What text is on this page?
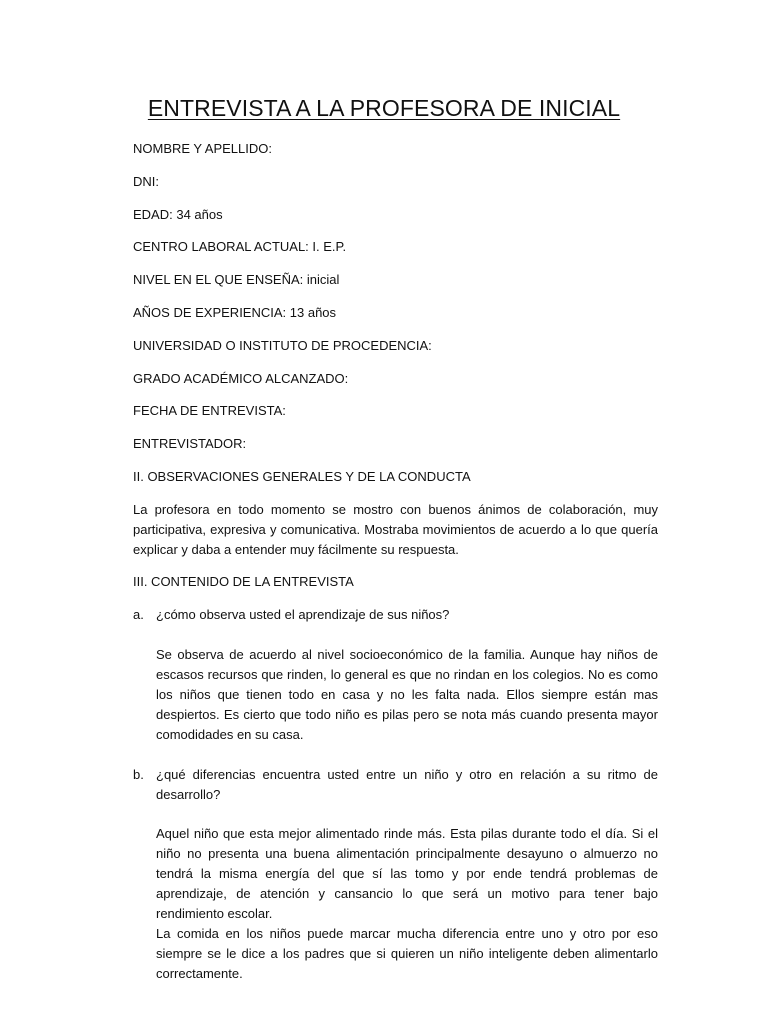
ENTREVISTA A LA PROFESORA DE INICIAL
NOMBRE Y APELLIDO:
DNI:
EDAD: 34 años
CENTRO LABORAL ACTUAL: I. E.P.
NIVEL EN EL QUE ENSEÑA: inicial
AÑOS DE EXPERIENCIA: 13 años
UNIVERSIDAD O INSTITUTO DE PROCEDENCIA:
GRADO ACADÉMICO ALCANZADO:
FECHA DE ENTREVISTA:
ENTREVISTADOR:
II. OBSERVACIONES GENERALES Y DE LA CONDUCTA
La profesora en todo momento se mostro con buenos ánimos de colaboración, muy participativa, expresiva y comunicativa. Mostraba movimientos de acuerdo a lo que quería explicar y daba a entender muy fácilmente su respuesta.
III. CONTENIDO DE LA ENTREVISTA
a. ¿cómo observa usted el aprendizaje de sus niños?

Se observa de acuerdo al nivel socioeconómico de la familia. Aunque hay niños de escasos recursos que rinden, lo general es que no rindan en los colegios. No es como los niños que tienen todo en casa y no les falta nada. Ellos siempre están mas despiertos. Es cierto que todo niño es pilas pero se nota más cuando presenta mayor comodidades en su casa.

b. ¿qué diferencias encuentra usted entre un niño y otro en relación a su ritmo de desarrollo?

Aquel niño que esta mejor alimentado rinde más. Esta pilas durante todo el día. Si el niño no presenta una buena alimentación principalmente desayuno o almuerzo no tendrá la misma energía del que sí las tomo y por ende tendrá problemas de aprendizaje, de atención y cansancio lo que será un motivo para tener bajo rendimiento escolar.

La comida en los niños puede marcar mucha diferencia entre uno y otro por eso siempre se le dice a los padres que si quieren un niño inteligente deben alimentarlo correctamente.
